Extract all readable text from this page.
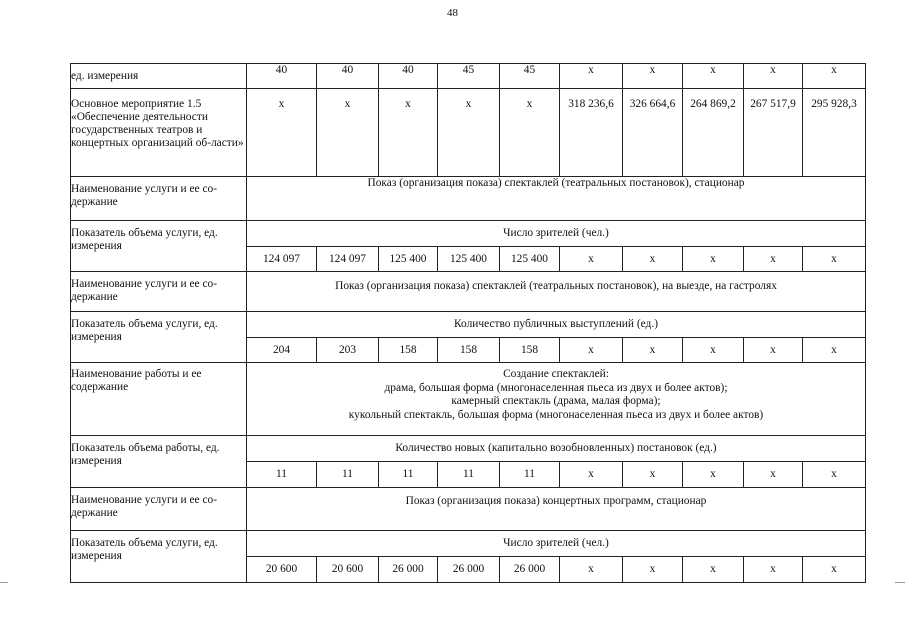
48
ед. измерения	40	40	40	45	45	х	х	х	х	х
Основное мероприятие 1.5 «Обеспечение деятельности государственных театров и концертных организаций об-ласти»	х	х	х	х	х	318 236,6	326 664,6	264 869,2	267 517,9	295 928,3
Наименование услуги и ее со-держание	Показ (организация показа) спектаклей (театральных постановок), стационар									
Показатель объема услуги, ед. измерения	Число зрителей (чел.)									
	124 097	124 097	125 400	125 400	125 400	х	х	х	х	х
Наименование услуги и ее со-держание	Показ (организация показа) спектаклей (театральных постановок), на выезде, на гастролях									
Показатель объема услуги, ед. измерения	Количество публичных выступлений (ед.)									
	204	203	158	158	158	х	х	х	х	х
Наименование работы и ее содержание	Создание спектаклей:
драма, большая форма (многонаселенная пьеса из двух и более актов);
камерный спектакль (драма, малая форма);
кукольный спектакль, большая форма (многонаселенная пьеса из двух и более актов)									

Показатель объема работы, ед. измерения	Количество новых (капитально возобновленных) постановок (ед.)									
	11	11	11	11	11	х	х	х	х	х
Наименование услуги и ее со-держание	Показ (организация показа) концертных программ, стационар									
Показатель объема услуги, ед. измерения	Число зрителей (чел.)									
	20 600	20 600	26 000	26 000	26 000	х	х	х	х	х
